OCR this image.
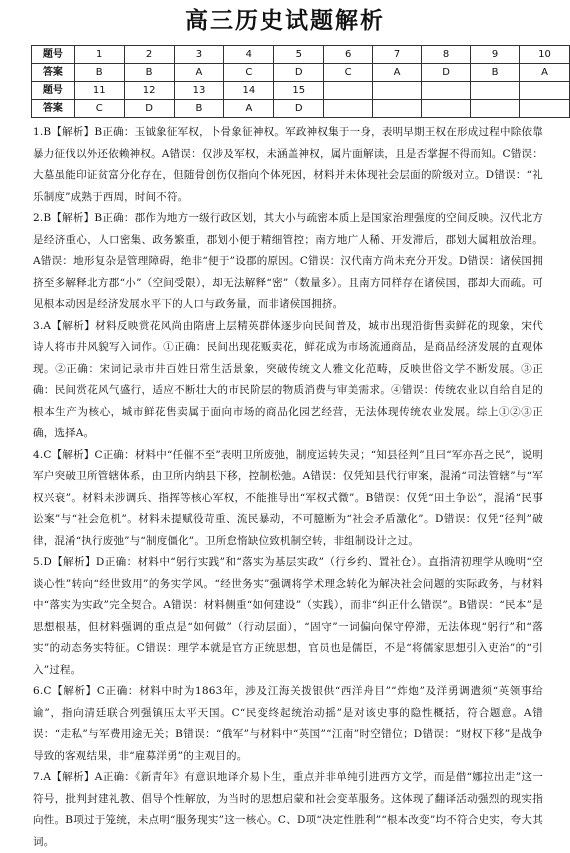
高三历史试题解析
题号	1	2	3	4	5	6	7	8	9	10
答案	B	B	A	C	D	C	A	D	B	A
题号	11	12	13	14	15					
答案	C	D	B	A	D					

1.B【解析】B正确：玉钺象征军权，卜骨象征神权。军政神权集于一身，表明早期王权在形成过程中除依靠暴力征伐以外还依赖神权。A错误：仅涉及军权，未涵盖神权，属片面解读，且是否掌握不得而知。C错误：大墓虽能印证贫富分化存在，但随骨创伤仅指向个体死因，材料并未体现社会层面的阶级对立。D错误：“礼乐制度”成熟于西周，时间不符。

2.B【解析】B正确：郡作为地方一级行政区划，其大小与疏密本质上是国家治理强度的空间反映。汉代北方是经济重心，人口密集、政务繁重，郡划小便于精细管控；南方地广人稀、开发滞后，郡划大属粗放治理。A错误：地形复杂是管理障碍，绝非“便于”设郡的原因。C错误：汉代南方尚未充分开发。D错误：诸侯国拥挤至多解释北方郡“小”（空间受限），却无法解释“密”（数量多）。且南方同样存在诸侯国，郡却大而疏。可见根本动因是经济发展水平下的人口与政务量，而非诸侯国拥挤。

3.A【解析】材料反映赏花风尚由隋唐上层精英群体逐步向民间普及，城市出现沿街售卖鲜花的现象，宋代诗人将市井风貌写入词作。①正确：民间出现花贩卖花，鲜花成为市场流通商品，是商品经济发展的直观体现。②正确：宋词记录市井百姓日常生活景象，突破传统文人雅文化范畴，反映世俗文学不断发展。③正确：民间赏花风气盛行，适应不断壮大的市民阶层的物质消费与审美需求。④错误：传统农业以自给自足的根本生产为核心，城市鲜花售卖属于面向市场的商品化园艺经营，无法体现传统农业发展。综上①②③正确，选择A。

4.C【解析】C正确：材料中“任催不至”表明卫所废弛，制度运转失灵；“知县径判”且曰“军亦吾之民”，说明军户突破卫所管辖体系，由卫所内纳县下移，控制松弛。A错误：仅凭知县代行审案，混淆“司法管辖”与“军权兴衰”。材料未涉调兵、指挥等核心军权，不能推导出“军权式微”。B错误：仅凭“田土争讼”，混淆“民事讼案”与“社会危机”。材料未提赋役苛重、流民暴动，不可臆断为“社会矛盾激化”。D错误：仅凭“径判”破律，混淆“执行废弛”与“制度僵化”。卫所怠惰缺位致机制空转，非组制设计之过。

5.D【解析】D正确：材料中“躬行实践”和“落实为基层实政”（行乡约、置社仓）。直指清初理学从晚明“空谈心性”转向“经世致用”的务实学风。“经世务实”强调将学术理念转化为解决社会问题的实际政务，与材料中“落实为实政”完全契合。A错误：材料侧重“如何建设”（实践），而非“纠正什么错误”。B错误：“民本”是思想根基，但材料强调的重点是“如何做”（行动层面），“固守”一词偏向保守停滞，无法体现“躬行”和“落实”的动态务实特征。C错误：理学本就是官方正统思想，官员也是儒臣，不是“将儒家思想引入吏治”的“引入”过程。

6.C【解析】C正确：材料中时为1863年，涉及江海关拨银供“西洋舟目”“炸炮”及洋勇调遣须“英领事给谕”，指向清廷联合列强镇压太平天国。C“民变终起统治动摇”是对该史事的隐性概括，符合题意。A错误：“走私”与军费用途无关；B错误：“俄军”与材料中“英国”“江南”时空错位；D错误：“财权下移”是战争导致的客观结果，非“雇募洋勇”的主观目的。

7.A【解析】A正确：《新青年》有意识地译介易卜生，重点并非单纯引进西方文学，而是借“娜拉出走”这一符号，批判封建礼教、倡导个性解放，为当时的思想启蒙和社会变革服务。这体现了翻译活动强烈的现实指向性。B项过于笼统，未点明“服务现实”这一核心。C、D项“决定性胜利”“根本改变”均不符合史实，夸大其词。
